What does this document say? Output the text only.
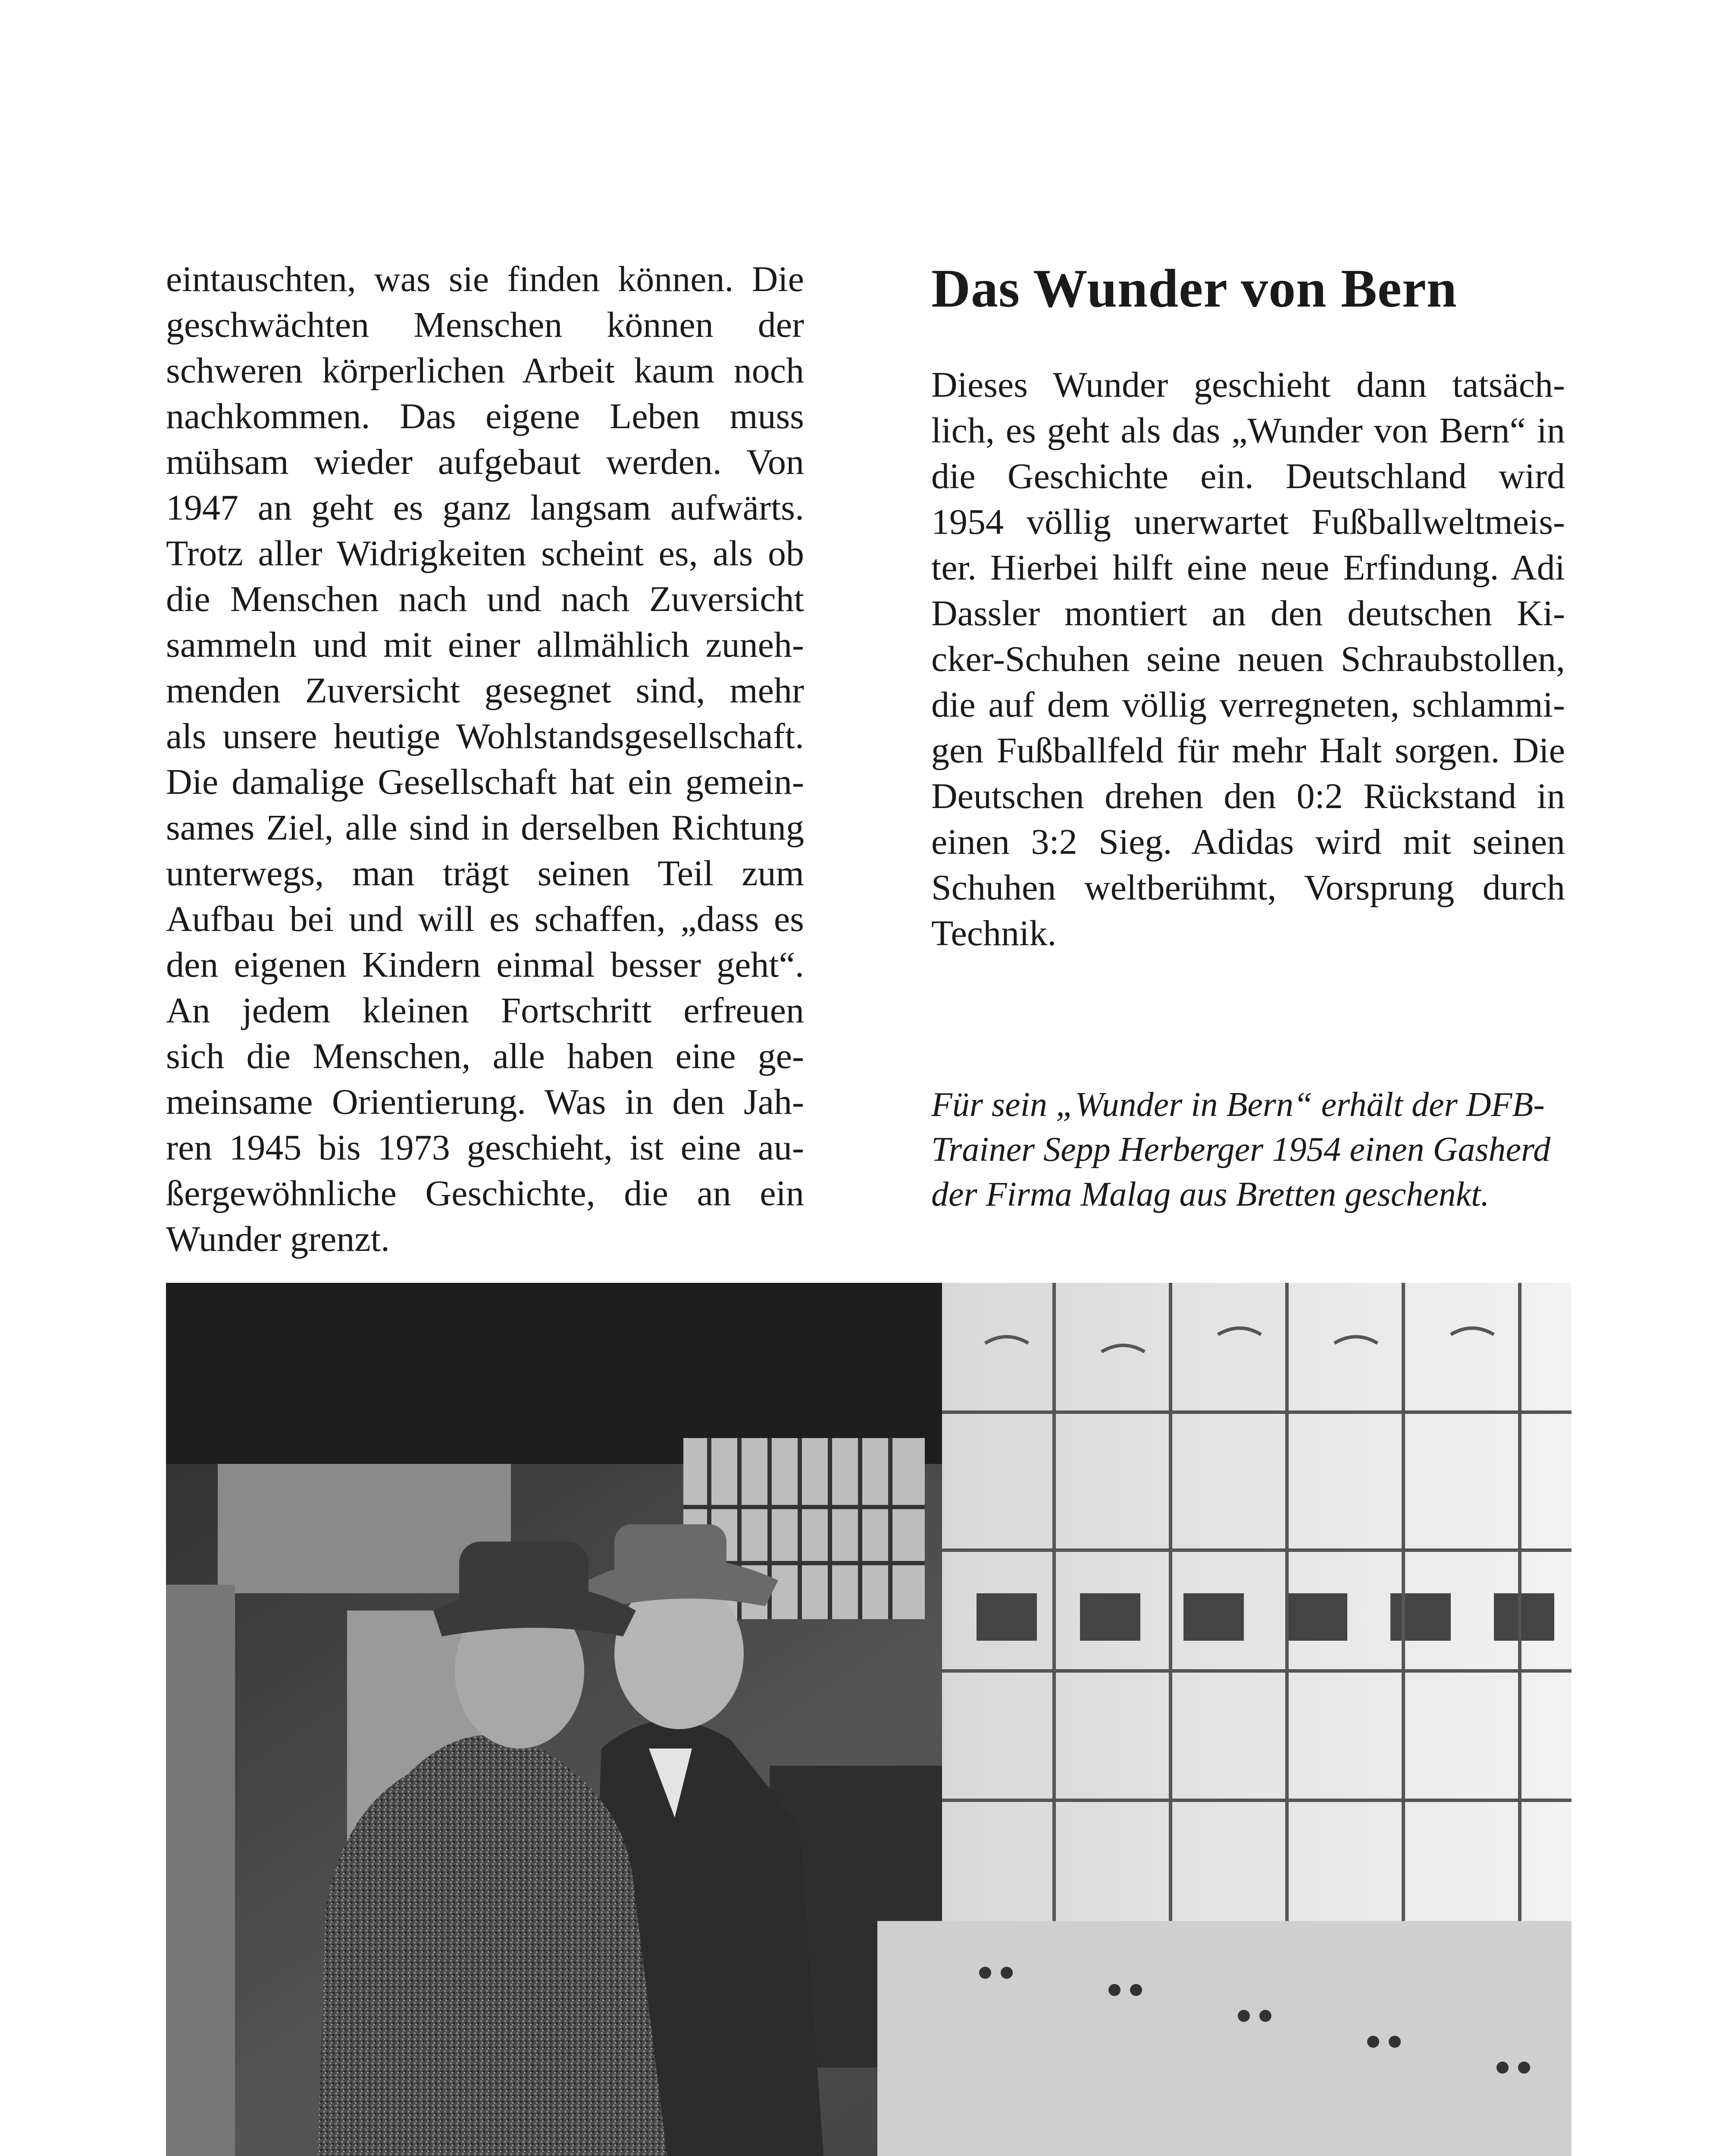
eintauschten, was sie finden können. Die
geschwächten Menschen können der
schweren körperlichen Arbeit kaum noch
nachkommen. Das eigene Leben muss
mühsam wieder aufgebaut werden. Von
1947 an geht es ganz langsam aufwärts.
Trotz aller Widrigkeiten scheint es, als ob
die Menschen nach und nach Zuversicht
sammeln und mit einer allmählich zuneh-
menden Zuversicht gesegnet sind, mehr
als unsere heutige Wohlstandsgesellschaft.
Die damalige Gesellschaft hat ein gemein-
sames Ziel, alle sind in derselben Richtung
unterwegs, man trägt seinen Teil zum
Aufbau bei und will es schaffen, „dass es
den eigenen Kindern einmal besser geht“.
An jedem kleinen Fortschritt erfreuen
sich die Menschen, alle haben eine ge-
meinsame Orientierung. Was in den Jah-
ren 1945 bis 1973 geschieht, ist eine au-
ßergewöhnliche Geschichte, die an ein
Wunder grenzt.
Das Wunder von Bern
Dieses Wunder geschieht dann tatsäch-
lich, es geht als das „Wunder von Bern“ in
die Geschichte ein. Deutschland wird
1954 völlig unerwartet Fußballweltmeis-
ter. Hierbei hilft eine neue Erfindung. Adi
Dassler montiert an den deutschen Ki-
cker-Schuhen seine neuen Schraubstollen,
die auf dem völlig verregneten, schlammi-
gen Fußballfeld für mehr Halt sorgen. Die
Deutschen drehen den 0:2 Rückstand in
einen 3:2 Sieg. Adidas wird mit seinen
Schuhen weltberühmt, Vorsprung durch
Technik.
Für sein „Wunder in Bern“ erhält der DFB-
Trainer Sepp Herberger 1954 einen Gasherd
der Firma Malag aus Bretten geschenkt.
